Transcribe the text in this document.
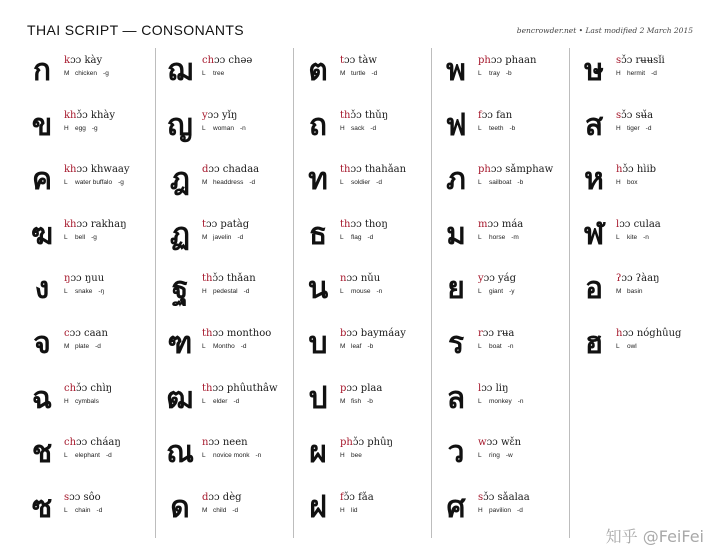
THAI SCRIPT — CONSONANTS	bencrowder.net • Last modified 2 March 2015
ก	kɔɔ kày
M chicken -g
ข	khɔ̌ɔ khày
H egg -g
ค	khɔɔ khwaay
L water buffalo -g
ฆ	khɔɔ rakhaŋ
L bell -g
ง	ŋɔɔ ŋuu
L snake -ŋ
จ	cɔɔ caan
M plate -d
ฉ	chɔ̌ɔ chìŋ
H cymbals
ช	chɔɔ cháaŋ
L elephant -d
ซ	sɔɔ sôo
L chain -d
ฌ chɔɔ chəə
L tree
ญ yɔɔ yǐŋ
L woman -n
ฎ	dɔɔ chadaa
M headdress -d
ฏ	tɔɔ patàg
M javelin -d
ฐ	thɔ̌ɔ thǎan
H pedestal -d
ฑ thɔɔ monthoo
L Montho -d
ฒ thɔɔ phûuthâw
L elder -d
ณ nɔɔ neen
L novice monk -n
ด	dɔɔ dèg
M child -d
ต	tɔɔ tàw
M turtle -d
ถ	thɔ̌ɔ thǔŋ
H sack -d
ท	thɔɔ thahǎan
L soldier -d
ธ	thɔɔ thoŋ
L flag -d
น	nɔɔ nǔu
L mouse -n
บ	bɔɔ baymáay
M leaf -b
ป	pɔɔ plaa
M fish -b
ผ	phɔ̌ɔ phûŋ
H bee
ฝ	fɔ̌ɔ fǎa
H lid
พ	phɔɔ phaan
L tray -b
ฟ	fɔɔ fan
L teeth -b
ภ	phɔɔ sǎmphaw
L sailboat -b
ม	mɔɔ máa
L horse -m
ย	yɔɔ yág
L giant -y
ร	rɔɔ rʉa
L boat -n
ล	lɔɔ liŋ
L monkey -n
ว	wɔɔ wɛ̌n
L ring -w
ศ	sɔ̌ɔ sǎalaa
H pavilion -d
ษ	sɔ̌ɔ rʉʉsǐi
H hermit -d
ส	sɔ̌ɔ sʉ̌a
H tiger -d
ห	hɔ̌ɔ hìib
H box
ฬ	lɔɔ culaa
L kite -n
อ	ʔɔɔ ʔàaŋ
M basin
ฮ	hɔɔ nóghûug
L owl
知乎 @FeiFei
